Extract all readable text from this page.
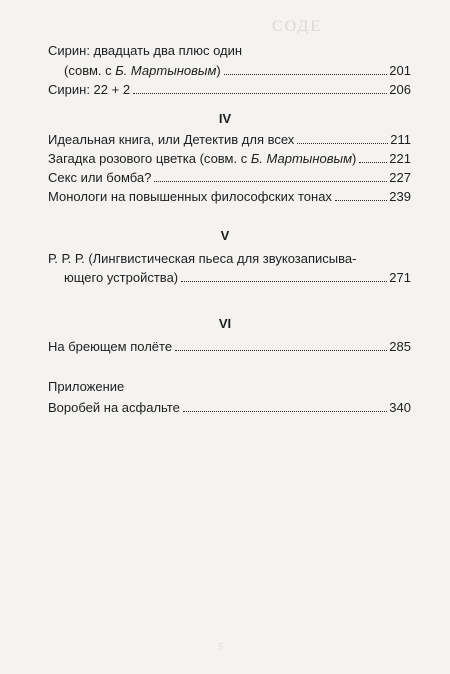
СОДЕ
5
Сирин: двадцать два плюс один
(совм. с Б. Мартыновым)	201
Сирин: 22 + 2	206
IV
Идеальная книга, или Детектив для всех	211
Загадка розового цветка (совм. с Б. Мартыновым)	221
Секс или бомба?	227
Монологи на повышенных философских тонах	239
V
Р. Р. Р. (Лингвистическая пьеса для звукозаписыва-
ющего устройства)	271
VI
На бреющем полёте	285
Приложение
Воробей на асфальте	340
